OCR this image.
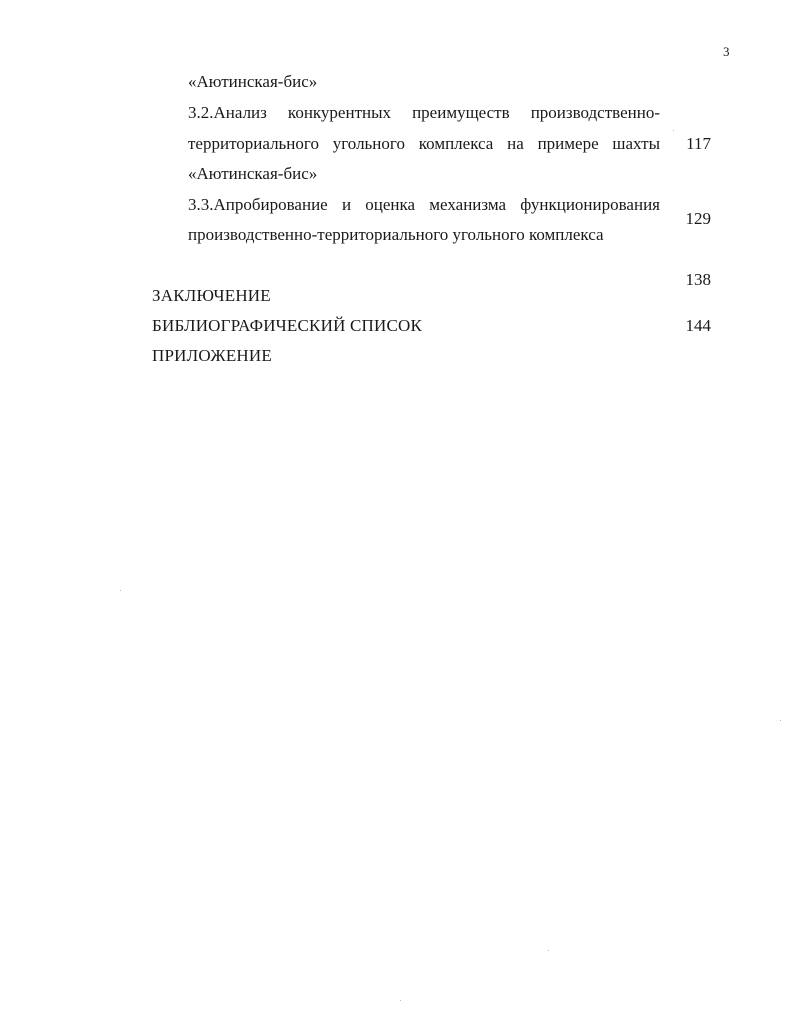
3
«Аютинская-бис»
3.2.Анализ конкурентных преимуществ производственно-
территориального угольного комплекса на примере шахты
«Аютинская-бис»
117
3.3.Апробирование и оценка механизма функционирования
производственно-территориального угольного комплекса
129
138
ЗАКЛЮЧЕНИЕ
БИБЛИОГРАФИЧЕСКИЙ СПИСОК	144
ПРИЛОЖЕНИЕ
